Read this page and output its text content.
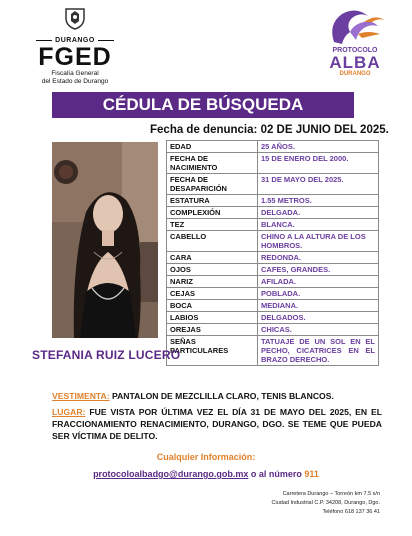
DURANGO
FGED
Fiscalía General
del Estado de Durango
PROTOCOLO
ALBA
DURANGO
CÉDULA DE BÚSQUEDA
Fecha de denuncia: 02 DE JUNIO DEL 2025.
EDAD	25 AÑOS.
FECHA DE NACIMIENTO	15 DE ENERO DEL 2000.
FECHA DE DESAPARICIÓN	31 DE MAYO DEL 2025.
ESTATURA	1.55 METROS.
COMPLEXIÓN	DELGADA.
TEZ	BLANCA.
CABELLO	CHINO A LA ALTURA DE LOS HOMBROS.
CARA	REDONDA.
OJOS	CAFES, GRANDES.
NARIZ	AFILADA.
CEJAS	POBLADA.
BOCA	MEDIANA.
LABIOS	DELGADOS.
OREJAS	CHICAS.
SEÑAS PARTICULARES	TATUAJE DE UN SOL EN EL PECHO, CICATRICES EN EL BRAZO DERECHO.
STEFANIA RUIZ LUCERO
VESTIMENTA: PANTALON DE MEZCLILLA CLARO, TENIS BLANCOS.
LUGAR: FUE VISTA POR ÚLTIMA VEZ EL DÍA 31 DE MAYO DEL 2025, EN EL FRACCIONAMIENTO RENACIMIENTO, DURANGO, DGO. SE TEME QUE PUEDA SER VÍCTIMA DE DELITO.
Cualquier Información:
protocoloalbadgo@durango.gob.mx o al número 911
Carretera Durango – Torreón km 7.5 s/n
Ciudad Industrial C.P. 34208, Durango, Dgo.
Teléfono 618 137 36 41
